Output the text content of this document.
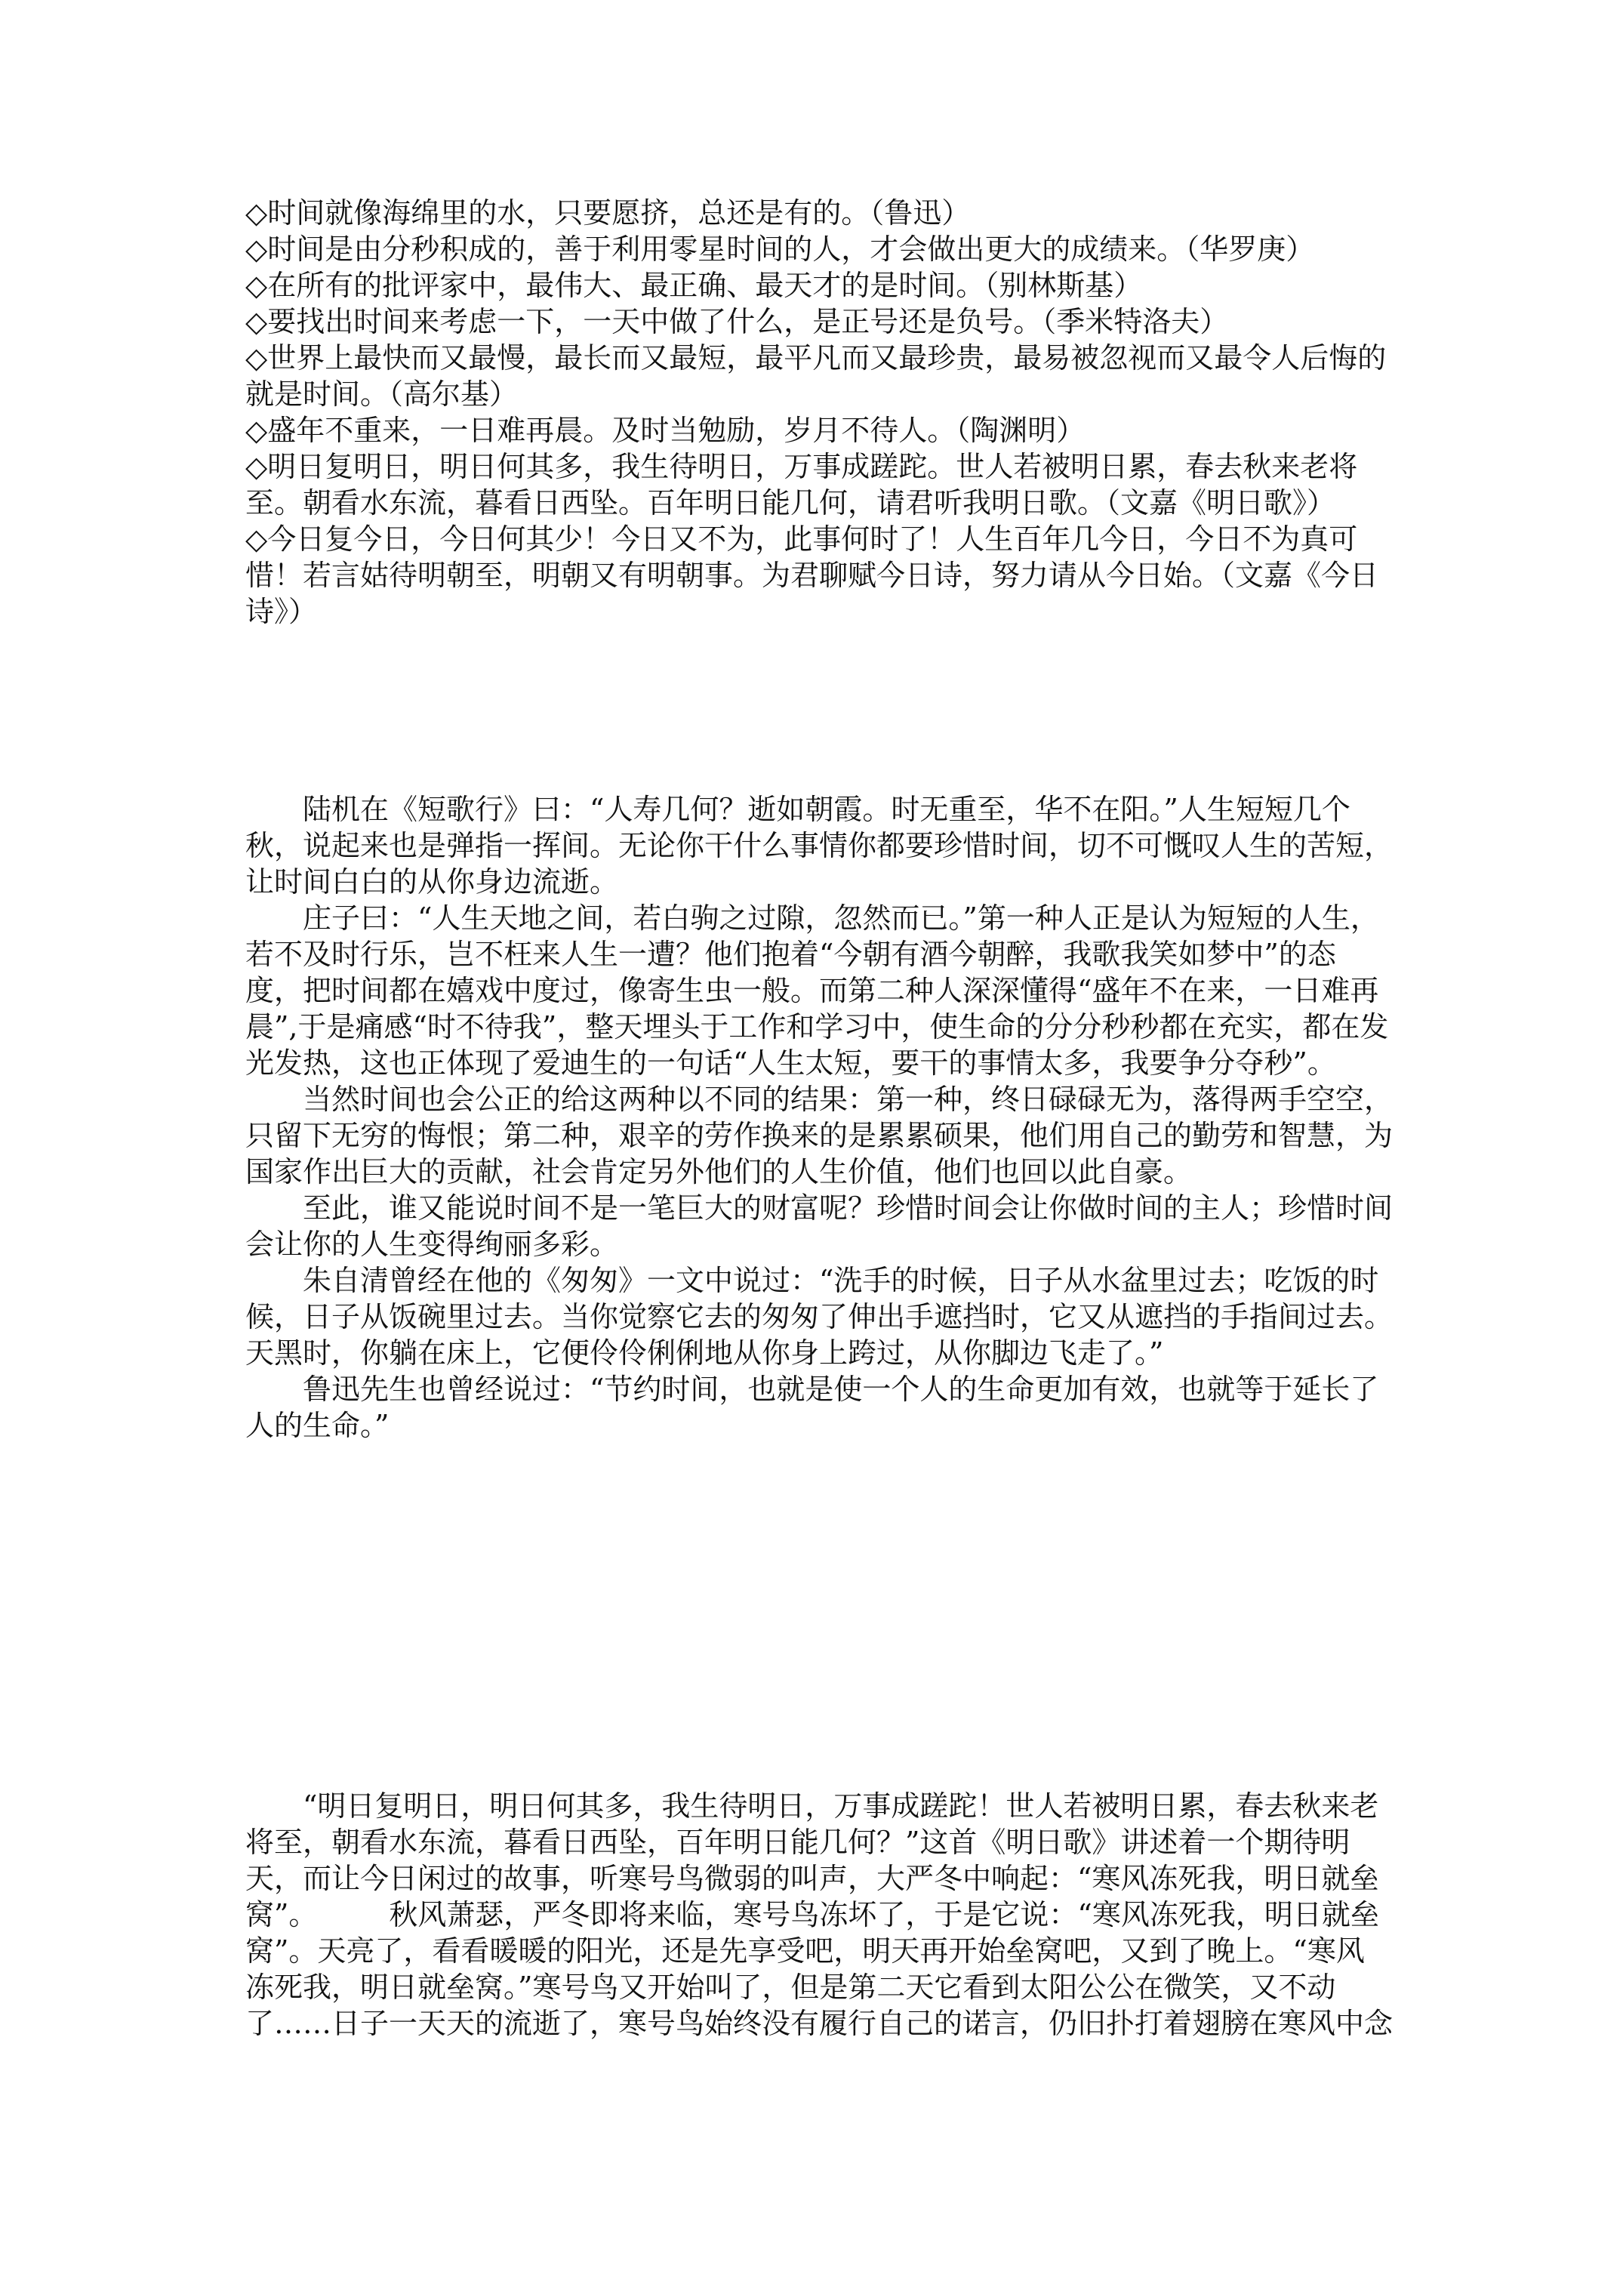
◇时间就像海绵里的水，只要愿挤，总还是有的。（鲁迅）

◇时间是由分秒积成的，善于利用零星时间的人，才会做出更大的成绩来。（华罗庚）

◇在所有的批评家中，最伟大、最正确、最天才的是时间。（别林斯基）

◇要找出时间来考虑一下，一天中做了什么，是正号还是负号。（季米特洛夫）

◇世界上最快而又最慢，最长而又最短，最平凡而又最珍贵，最易被忽视而又最令人后悔的就是时间。（高尔基）

◇盛年不重来，一日难再晨。及时当勉励，岁月不待人。（陶渊明）

◇明日复明日，明日何其多，我生待明日，万事成蹉跎。世人若被明日累，春去秋来老将至。朝看水东流，暮看日西坠。百年明日能几何，请君听我明日歌。（文嘉《明日歌》）

◇今日复今日，今日何其少！今日又不为，此事何时了！人生百年几今日，今日不为真可惜！若言姑待明朝至，明朝又有明朝事。为君聊赋今日诗，努力请从今日始。（文嘉《今日诗》）

陆机在《短歌行》曰：“人寿几何？逝如朝霞。时无重至，华不在阳。”人生短短几个秋，说起来也是弹指一挥间。无论你干什么事情你都要珍惜时间，切不可慨叹人生的苦短，让时间白白的从你身边流逝。

庄子曰：“人生天地之间，若白驹之过隙，忽然而已。”第一种人正是认为短短的人生，若不及时行乐，岂不枉来人生一遭？他们抱着“今朝有酒今朝醉，我歌我笑如梦中”的态度，把时间都在嬉戏中度过，像寄生虫一般。而第二种人深深懂得“盛年不在来，一日难再晨”,于是痛感“时不待我”，整天埋头于工作和学习中，使生命的分分秒秒都在充实，都在发光发热，这也正体现了爱迪生的一句话“人生太短，要干的事情太多，我要争分夺秒”。

当然时间也会公正的给这两种以不同的结果：第一种，终日碌碌无为，落得两手空空，只留下无穷的悔恨；第二种，艰辛的劳作换来的是累累硕果，他们用自己的勤劳和智慧，为国家作出巨大的贡献，社会肯定另外他们的人生价值，他们也回以此自豪。

至此，谁又能说时间不是一笔巨大的财富呢？珍惜时间会让你做时间的主人；珍惜时间会让你的人生变得绚丽多彩。

朱自清曾经在他的《匆匆》一文中说过：“洗手的时候，日子从水盆里过去；吃饭的时候，日子从饭碗里过去。当你觉察它去的匆匆了伸出手遮挡时，它又从遮挡的手指间过去。天黑时，你躺在床上，它便伶伶俐俐地从你身上跨过，从你脚边飞走了。”

鲁迅先生也曾经说过：“节约时间，也就是使一个人的生命更加有效，也就等于延长了人的生命。”

“明日复明日，明日何其多，我生待明日，万事成蹉跎！世人若被明日累，春去秋来老将至，朝看水东流，暮看日西坠，百年明日能几何？”这首《明日歌》讲述着一个期待明天，而让今日闲过的故事，听寒号鸟微弱的叫声，大严冬中响起：“寒风冻死我，明日就垒窝”。　　　秋风萧瑟，严冬即将来临，寒号鸟冻坏了，于是它说：“寒风冻死我，明日就垒窝”。天亮了，看看暖暖的阳光，还是先享受吧，明天再开始垒窝吧，又到了晚上。“寒风冻死我，明日就垒窝。”寒号鸟又开始叫了，但是第二天它看到太阳公公在微笑，又不动了……日子一天天的流逝了，寒号鸟始终没有履行自己的诺言，仍旧扑打着翅膀在寒风中念
